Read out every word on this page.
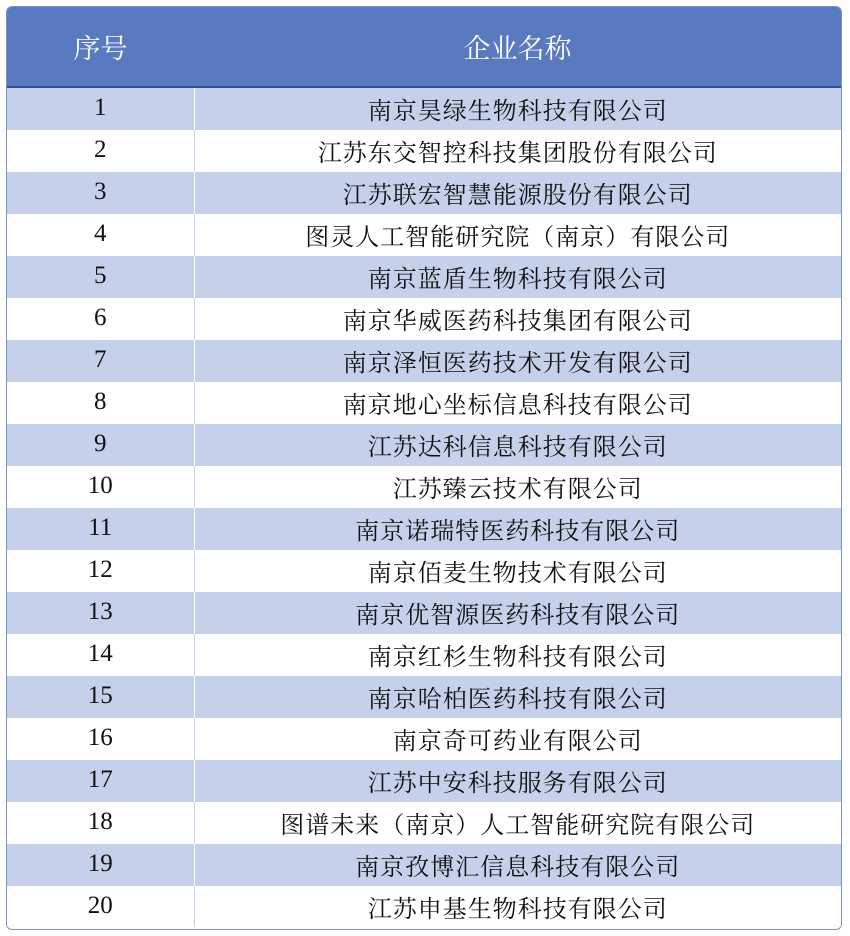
序号	企业名称
1	南京昊绿生物科技有限公司
2	江苏东交智控科技集团股份有限公司
3	江苏联宏智慧能源股份有限公司
4	图灵人工智能研究院（南京）有限公司
5	南京蓝盾生物科技有限公司
6	南京华威医药科技集团有限公司
7	南京泽恒医药技术开发有限公司
8	南京地心坐标信息科技有限公司
9	江苏达科信息科技有限公司
10	江苏臻云技术有限公司
11	南京诺瑞特医药科技有限公司
12	南京佰麦生物技术有限公司
13	南京优智源医药科技有限公司
14	南京红杉生物科技有限公司
15	南京哈柏医药科技有限公司
16	南京奇可药业有限公司
17	江苏中安科技服务有限公司
18	图谱未来（南京）人工智能研究院有限公司
19	南京孜博汇信息科技有限公司
20	江苏申基生物科技有限公司
